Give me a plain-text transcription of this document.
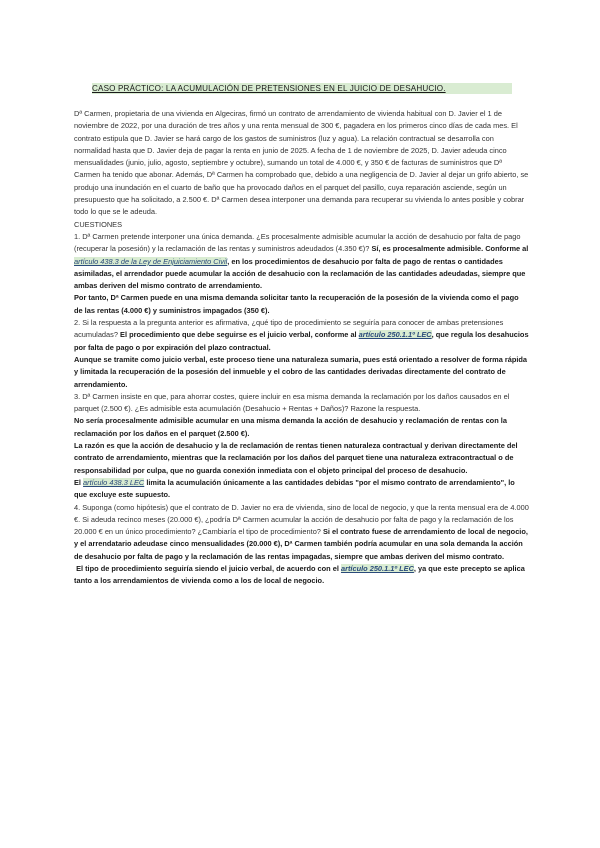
CASO PRÁCTICO: LA ACUMULACIÓN DE PRETENSIONES EN EL JUICIO DE DESAHUCIO.

Dª Carmen, propietaria de una vivienda en Algeciras, firmó un contrato de arrendamiento de vivienda habitual con D. Javier el 1 de noviembre de 2022, por una duración de tres años y una renta mensual de 300 €, pagadera en los primeros cinco días de cada mes. El contrato estipula que D. Javier se hará cargo de los gastos de suministros (luz y agua). La relación contractual se desarrolla con normalidad hasta que D. Javier deja de pagar la renta en junio de 2025. A fecha de 1 de noviembre de 2025, D. Javier adeuda cinco mensualidades (junio, julio, agosto, septiembre y octubre), sumando un total de 4.000 €, y 350 € de facturas de suministros que Dª Carmen ha tenido que abonar. Además, Dª Carmen ha comprobado que, debido a una negligencia de D. Javier al dejar un grifo abierto, se produjo una inundación en el cuarto de baño que ha provocado daños en el parquet del pasillo, cuya reparación asciende, según un presupuesto que ha solicitado, a 2.500 €. Dª Carmen desea interponer una demanda para recuperar su vivienda lo antes posible y cobrar todo lo que se le adeuda.

CUESTIONES

1. Dª Carmen pretende interponer una única demanda. ¿Es procesalmente admisible acumular la acción de desahucio por falta de pago (recuperar la posesión) y la reclamación de las rentas y suministros adeudados (4.350 €)? Sí, es procesalmente admisible. Conforme al artículo 438.3 de la Ley de Enjuiciamiento Civil, en los procedimientos de desahucio por falta de pago de rentas o cantidades asimiladas, el arrendador puede acumular la acción de desahucio con la reclamación de las cantidades adeudadas, siempre que ambas deriven del mismo contrato de arrendamiento.

Por tanto, Dª Carmen puede en una misma demanda solicitar tanto la recuperación de la posesión de la vivienda como el pago de las rentas (4.000 €) y suministros impagados (350 €).

2. Si la respuesta a la pregunta anterior es afirmativa, ¿qué tipo de procedimiento se seguiría para conocer de ambas pretensiones acumuladas? El procedimiento que debe seguirse es el juicio verbal, conforme al artículo 250.1.1º LEC, que regula los desahucios por falta de pago o por expiración del plazo contractual.

Aunque se tramite como juicio verbal, este proceso tiene una naturaleza sumaria, pues está orientado a resolver de forma rápida y limitada la recuperación de la posesión del inmueble y el cobro de las cantidades derivadas directamente del contrato de arrendamiento.

3. Dª Carmen insiste en que, para ahorrar costes, quiere incluir en esa misma demanda la reclamación por los daños causados en el parquet (2.500 €). ¿Es admisible esta acumulación (Desahucio + Rentas + Daños)? Razone la respuesta.

No sería procesalmente admisible acumular en una misma demanda la acción de desahucio y reclamación de rentas con la reclamación por los daños en el parquet (2.500 €).

La razón es que la acción de desahucio y la de reclamación de rentas tienen naturaleza contractual y derivan directamente del contrato de arrendamiento, mientras que la reclamación por los daños del parquet tiene una naturaleza extracontractual o de responsabilidad por culpa, que no guarda conexión inmediata con el objeto principal del proceso de desahucio.

El artículo 438.3 LEC limita la acumulación únicamente a las cantidades debidas "por el mismo contrato de arrendamiento", lo que excluye este supuesto.

4. Suponga (como hipótesis) que el contrato de D. Javier no era de vivienda, sino de local de negocio, y que la renta mensual era de 4.000 €. Si adeuda recinco meses (20.000 €), ¿podría Dª Carmen acumular la acción de desahucio por falta de pago y la reclamación de los 20.000 € en un único procedimiento? ¿Cambiaría el tipo de procedimiento? Si el contrato fuese de arrendamiento de local de negocio, y el arrendatario adeudase cinco mensualidades (20.000 €), Dª Carmen también podría acumular en una sola demanda la acción de desahucio por falta de pago y la reclamación de las rentas impagadas, siempre que ambas deriven del mismo contrato.

El tipo de procedimiento seguiría siendo el juicio verbal, de acuerdo con el artículo 250.1.1º LEC, ya que este precepto se aplica tanto a los arrendamientos de vivienda como a los de local de negocio.
